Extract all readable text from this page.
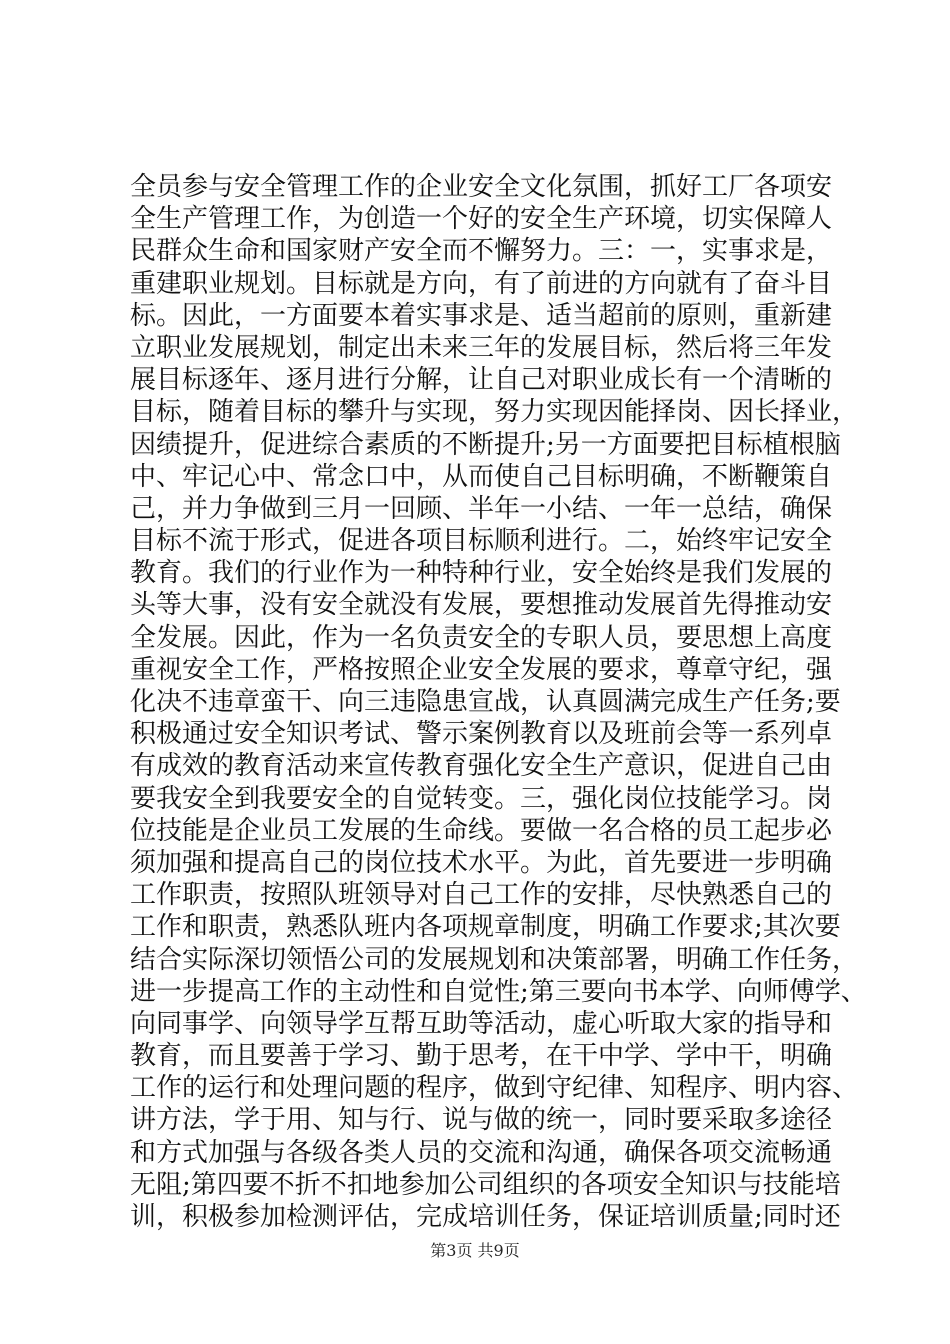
全员参与安全管理工作的企业安全文化氛围，抓好工厂各项安
全生产管理工作，为创造一个好的安全生产环境，切实保障人
民群众生命和国家财产安全而不懈努力。三：一，实事求是，
重建职业规划。目标就是方向，有了前进的方向就有了奋斗目
标。因此，一方面要本着实事求是、适当超前的原则，重新建
立职业发展规划，制定出未来三年的发展目标，然后将三年发
展目标逐年、逐月进行分解，让自己对职业成长有一个清晰的
目标，随着目标的攀升与实现，努力实现因能择岗、因长择业，
因绩提升，促进综合素质的不断提升;另一方面要把目标植根脑
中、牢记心中、常念口中，从而使自己目标明确，不断鞭策自
己，并力争做到三月一回顾、半年一小结、一年一总结，确保
目标不流于形式，促进各项目标顺利进行。二，始终牢记安全
教育。我们的行业作为一种特种行业，安全始终是我们发展的
头等大事，没有安全就没有发展，要想推动发展首先得推动安
全发展。因此，作为一名负责安全的专职人员，要思想上高度
重视安全工作，严格按照企业安全发展的要求，尊章守纪，强
化决不违章蛮干、向三违隐患宣战，认真圆满完成生产任务;要
积极通过安全知识考试、警示案例教育以及班前会等一系列卓
有成效的教育活动来宣传教育强化安全生产意识，促进自己由
要我安全到我要安全的自觉转变。三，强化岗位技能学习。岗
位技能是企业员工发展的生命线。要做一名合格的员工起步必
须加强和提高自己的岗位技术水平。为此，首先要进一步明确
工作职责，按照队班领导对自己工作的安排，尽快熟悉自己的
工作和职责，熟悉队班内各项规章制度，明确工作要求;其次要
结合实际深切领悟公司的发展规划和决策部署，明确工作任务，
进一步提高工作的主动性和自觉性;第三要向书本学、向师傅学、
向同事学、向领导学互帮互助等活动，虚心听取大家的指导和
教育，而且要善于学习、勤于思考，在干中学、学中干，明确
工作的运行和处理问题的程序，做到守纪律、知程序、明内容、
讲方法，学于用、知与行、说与做的统一，同时要采取多途径
和方式加强与各级各类人员的交流和沟通，确保各项交流畅通
无阻;第四要不折不扣地参加公司组织的各项安全知识与技能培
训，积极参加检测评估，完成培训任务，保证培训质量;同时还
第3页 共9页
